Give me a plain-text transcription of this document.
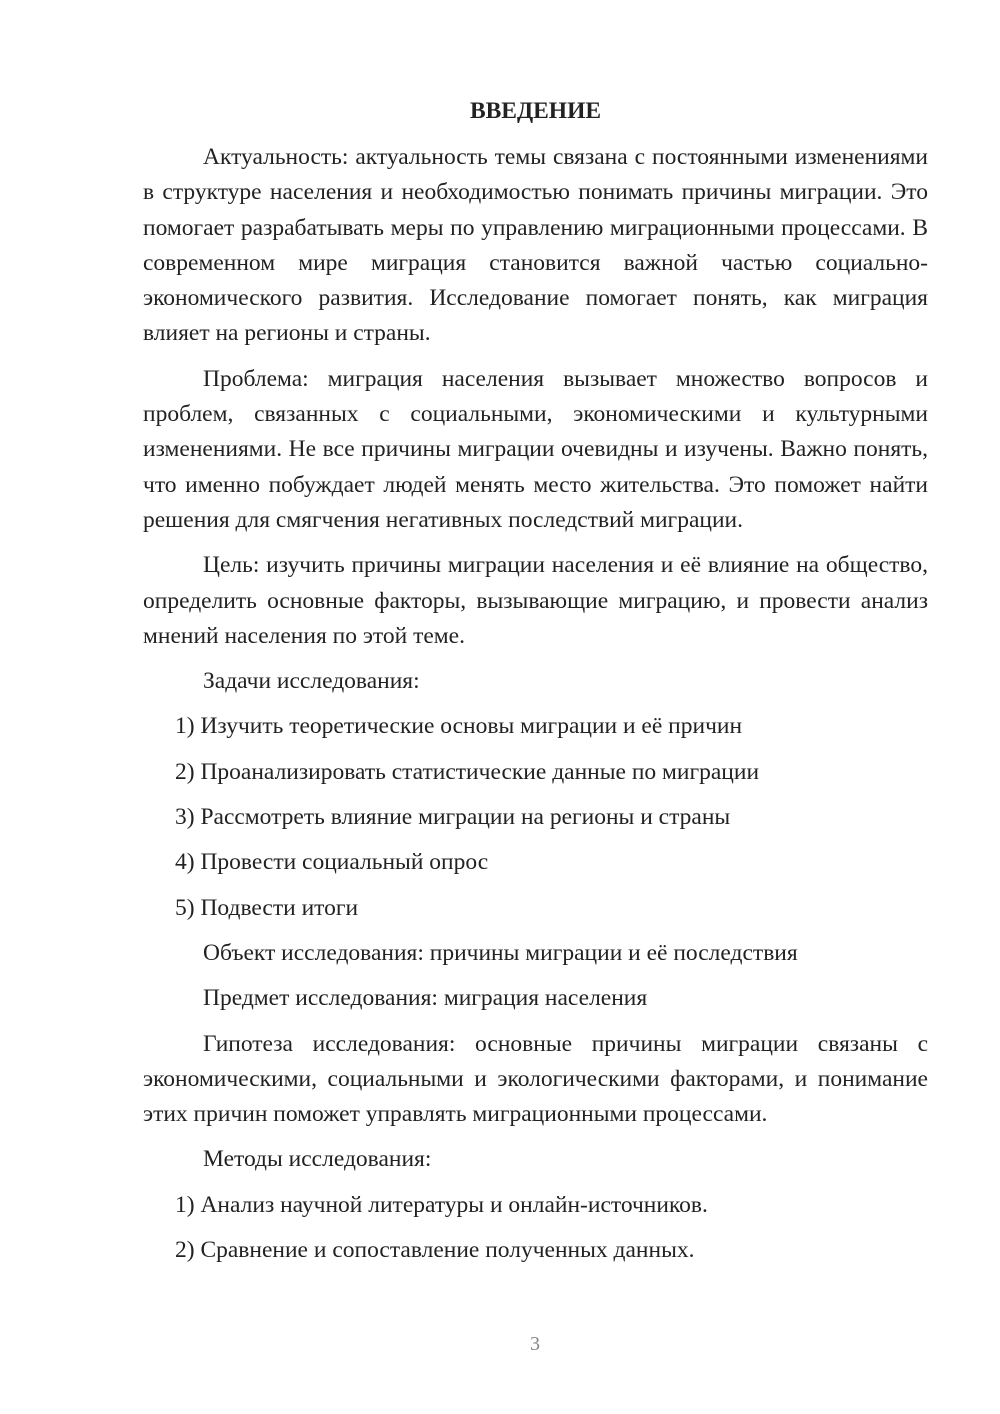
ВВЕДЕНИЕ

Актуальность: актуальность темы связана с постоянными изменениями в структуре населения и необходимостью понимать причины миграции. Это помогает разрабатывать меры по управлению миграционными процессами. В современном мире миграция становится важной частью социально-экономического развития. Исследование помогает понять, как миграция влияет на регионы и страны.

Проблема: миграция населения вызывает множество вопросов и проблем, связанных с социальными, экономическими и культурными изменениями. Не все причины миграции очевидны и изучены. Важно понять, что именно побуждает людей менять место жительства. Это поможет найти решения для смягчения негативных последствий миграции.

Цель: изучить причины миграции населения и её влияние на общество, определить основные факторы, вызывающие миграцию, и провести анализ мнений населения по этой теме.

Задачи исследования:

1) Изучить теоретические основы миграции и её причин

2) Проанализировать статистические данные по миграции

3) Рассмотреть влияние миграции на регионы и страны

4) Провести социальный опрос

5) Подвести итоги

Объект исследования: причины миграции и её последствия

Предмет исследования: миграция населения

Гипотеза исследования: основные причины миграции связаны с экономическими, социальными и экологическими факторами, и понимание этих причин поможет управлять миграционными процессами.

Методы исследования:

1) Анализ научной литературы и онлайн-источников.

2) Сравнение и сопоставление полученных данных.

3
